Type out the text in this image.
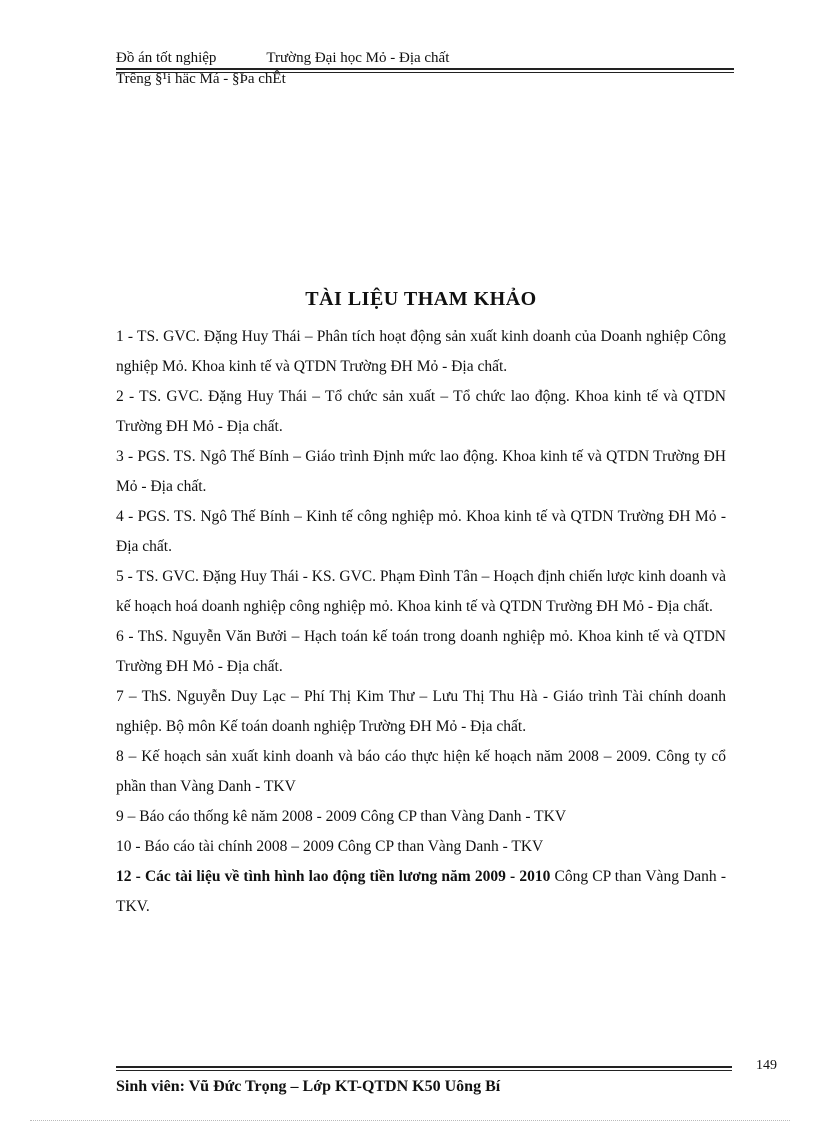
Đồ án tốt nghiệp	Trường Đại học Mỏ - Địa chất
Trêng §¹i häc Má - §Þa chÊt
TÀI LIỆU THAM KHẢO

1 - TS. GVC. Đặng Huy Thái – Phân tích hoạt động sản xuất kinh doanh của Doanh nghiệp Công nghiệp Mỏ. Khoa kinh tế và QTDN Trường ĐH Mỏ - Địa chất.

2 - TS. GVC. Đặng Huy Thái – Tổ chức sản xuất – Tổ chức lao động. Khoa kinh tế và QTDN Trường ĐH Mỏ - Địa chất.

3 - PGS. TS. Ngô Thế Bính – Giáo trình Định mức lao động. Khoa kinh tế và QTDN Trường ĐH Mỏ - Địa chất.

4 - PGS. TS. Ngô Thế Bính – Kinh tế công nghiệp mỏ. Khoa kinh tế và QTDN Trường ĐH Mỏ - Địa chất.

5 - TS. GVC. Đặng Huy Thái - KS. GVC. Phạm Đình Tân – Hoạch định chiến lược kinh doanh và kế hoạch hoá doanh nghiệp công nghiệp mỏ. Khoa kinh tế và QTDN Trường ĐH Mỏ - Địa chất.

6 - ThS. Nguyễn Văn Bưởi – Hạch toán kế toán trong doanh nghiệp mỏ. Khoa kinh tế và QTDN Trường ĐH Mỏ - Địa chất.

7 – ThS. Nguyễn Duy Lạc – Phí Thị Kim Thư – Lưu Thị Thu Hà - Giáo trình Tài chính doanh nghiệp. Bộ môn Kế toán doanh nghiệp Trường ĐH Mỏ - Địa chất.

8 – Kế hoạch sản xuất kinh doanh và báo cáo thực hiện kế hoạch năm 2008 – 2009. Công ty cổ phần than Vàng Danh - TKV

9 – Báo cáo thống kê năm 2008 - 2009 Công CP than Vàng Danh - TKV

10 - Báo cáo tài chính 2008 – 2009 Công CP than Vàng Danh - TKV

12 - Các tài liệu về tình hình lao động tiền lương năm 2009 - 2010 Công CP than Vàng Danh - TKV.

149
Sinh viên: Vũ Đức Trọng – Lớp KT-QTDN K50 Uông Bí
